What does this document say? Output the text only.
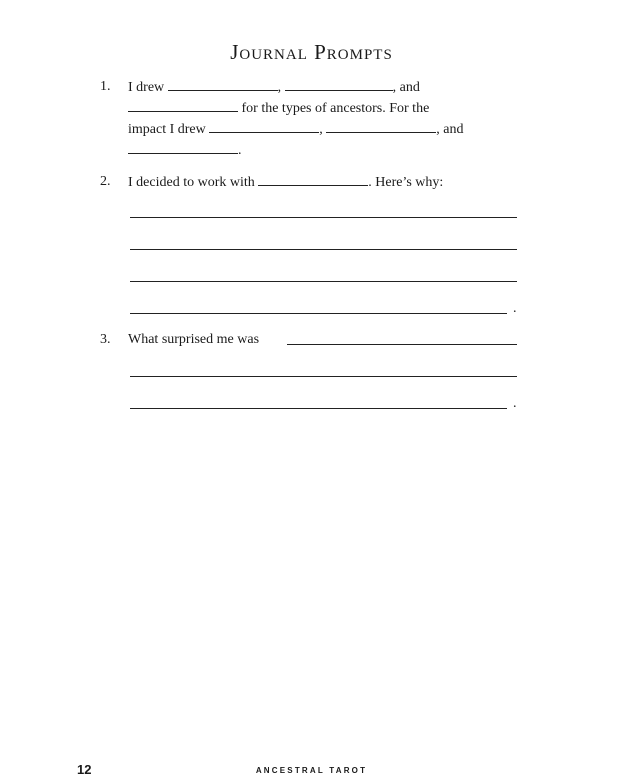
Journal Prompts
1. I drew	,	, and
for the types of ancestors. For the
impact I drew	,	, and
.
2. I decided to work with	. Here’s why:
.
3. What surprised me was
.
12	ANCESTRAL TAROT
